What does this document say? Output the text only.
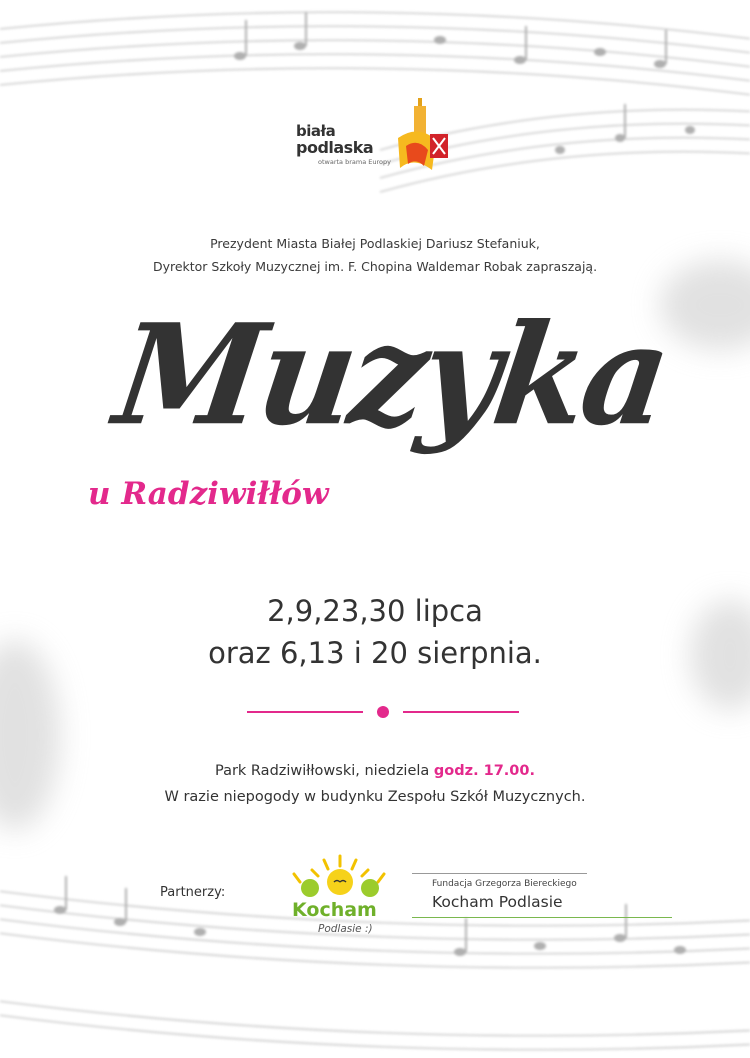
biała
podlaska
otwarta brama Europy
Prezydent Miasta Białej Podlaskiej Dariusz Stefaniuk,
Dyrektor Szkoły Muzycznej im. F. Chopina Waldemar Robak zapraszają.
Muzyka
u Radziwiłłów
2,9,23,30 lipca
oraz 6,13 i 20 sierpnia.
Park Radziwiłłowski, niedziela godz. 17.00.
W razie niepogody w budynku Zespołu Szkół Muzycznych.
Partnerzy:
Kocham
Podlasie :)
Fundacja Grzegorza Biereckiego
Kocham Podlasie
